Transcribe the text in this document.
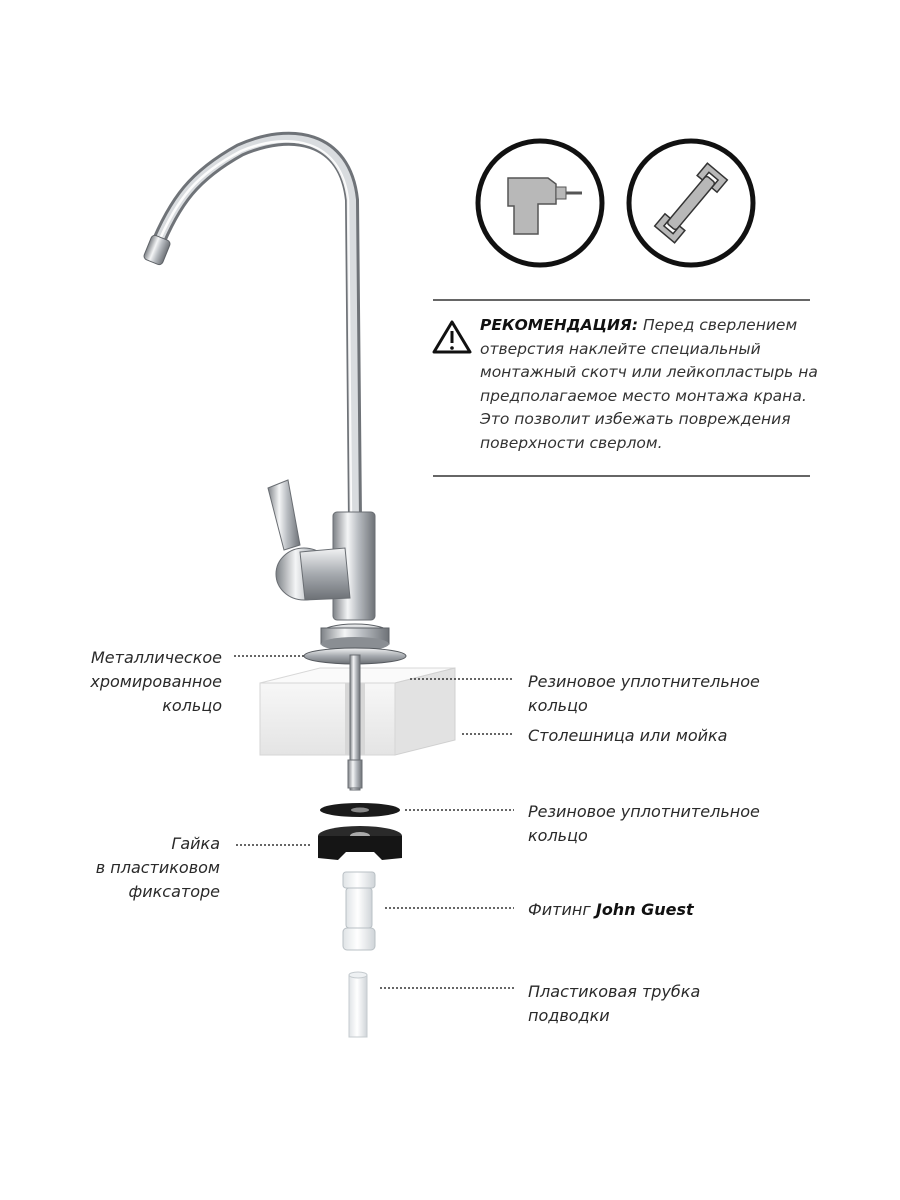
РЕКОМЕНДАЦИЯ: Перед сверлением отверстия наклейте специальный монтажный скотч или лейкопластырь на предполагаемое место монтажа крана. Это позволит избежать повреждения поверхности сверлом.
Металлическое
хромированное
кольцо
Резиновое уплотнительное
кольцо
Столешница или мойка
Резиновое уплотнительное
кольцо
Гайка
в пластиковом
фиксаторе
Фитинг John Guest
Пластиковая трубка
подводки
